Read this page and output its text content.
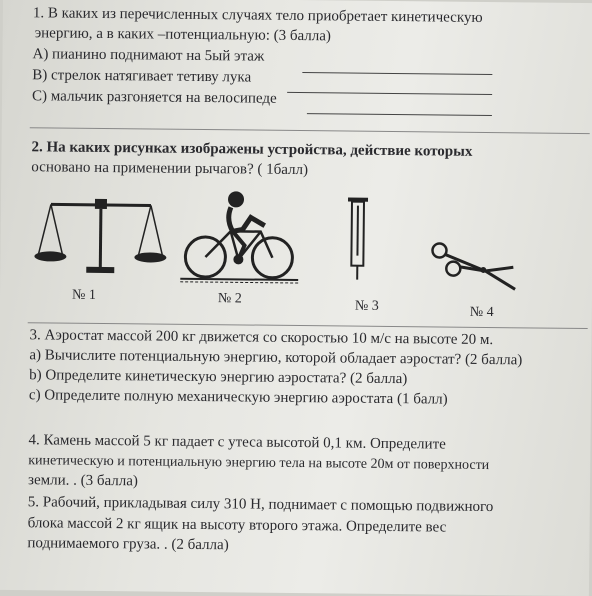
1. В каких из перечисленных случаях тело приобретает кинетическую
энергию, а в каких –потенциальную: (3 балла)
А) пианино поднимают на 5ый этаж
В) стрелок натягивает тетиву лука
С) мальчик разгоняется на велосипеде
2. На каких рисунках изображены устройства, действие которых
основано на применении рычагов? ( 1балл)
№ 1	№ 2	№ 3	№ 4
3. Аэростат массой 200 кг движется со скоростью 10 м/с на высоте 20 м.
а) Вычислите потенциальную энергию, которой обладает аэростат? (2 балла)
b) Определите кинетическую энергию аэростата? (2 балла)
c) Определите полную механическую энергию аэростата (1 балл)
4. Камень массой 5 кг падает с утеса высотой 0,1 км. Определите
кинетическую и потенциальную энергию тела на высоте 20м от поверхности
земли. . (3 балла)
5. Рабочий, прикладывая силу 310 Н, поднимает с помощью подвижного
блока массой 2 кг ящик на высоту второго этажа. Определите вес
поднимаемого груза. . (2 балла)
